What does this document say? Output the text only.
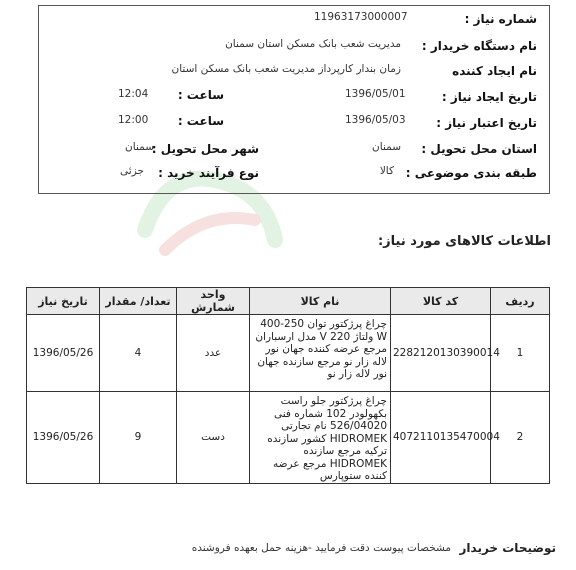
شماره نیاز :
11963173000007
نام دستگاه خریدار :
مدیریت شعب بانک مسکن استان سمنان
نام ایجاد کننده
زمان بندار کارپرداز مدیریت شعب بانک مسکن استان
تاریخ ایجاد نیاز :
1396/05/01
ساعت :
12:04
تاریخ اعتبار نیاز :
1396/05/03
ساعت :
12:00
استان محل تحویل :
سمنان
شهر محل تحویل :
سمنان
طبقه بندی موضوعی :
کالا
نوع فرآیند خرید :
جزئی
اطلاعات کالاهای مورد نیاز:
ردیف	کد کالا	نام کالا	واحد شمارش	تعداد/ مقدار	تاریخ نیاز
1	2282120130390014	چراغ پرژکتور توان 250-400 W ولتاژ 220 V مدل ارسباران مرجع عرضه کننده جهان نور لاله زار نو مرجع سازنده جهان نور لاله زار نو	عدد	4	1396/05/26
2	4072110135470004	چراغ پرژکتور جلو راست بکهولودر 102 شماره فنی 526/04020 نام تجارتی HIDROMEK کشور سازنده ترکیه مرجع سازنده HIDROMEK مرجع عرضه کننده ستوپارس	دست	9	1396/05/26
توضیحات خریدار
مشخصات پیوست دقت فرمایید -هزینه حمل بعهده فروشنده
